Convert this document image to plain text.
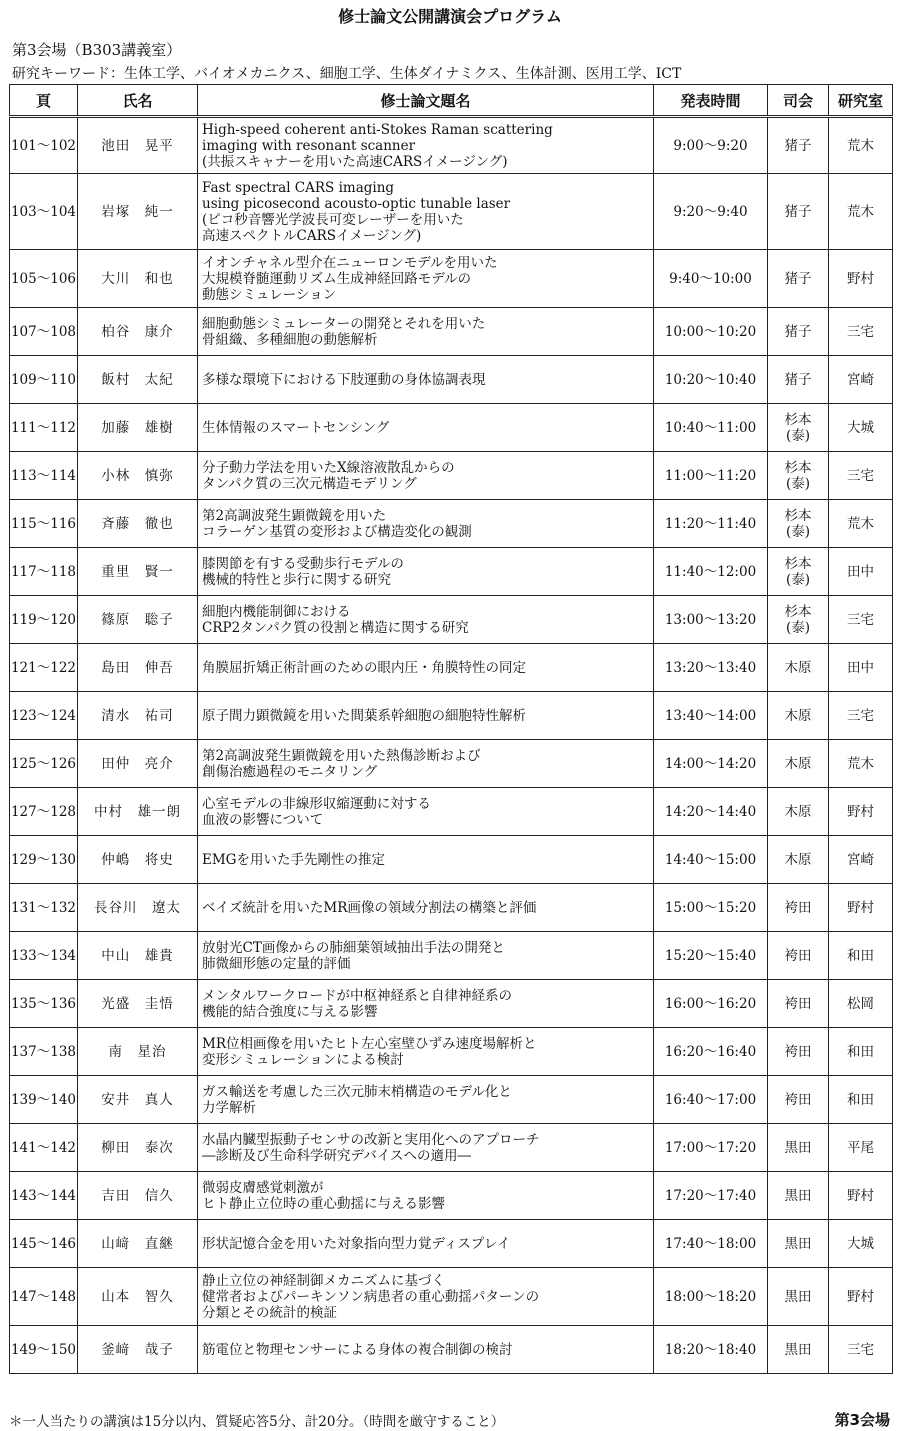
修士論文公開講演会プログラム
第3会場（B303講義室）
研究キーワード：生体工学、バイオメカニクス、細胞工学、生体ダイナミクス、生体計測、医用工学、ICT
頁	氏名	修士論文題名	発表時間	司会	研究室
101～102	池田　晃平	High-speed coherent anti-Stokes Raman scattering
imaging with resonant scanner
(共振スキャナーを用いた高速CARSイメージング)	9:00～9:20	猪子	荒木
103～104	岩塚　純一	Fast spectral CARS imaging
using picosecond acousto-optic tunable laser
(ピコ秒音響光学波長可変レーザーを用いた
高速スペクトルCARSイメージング)	9:20～9:40	猪子	荒木
105～106	大川　和也	イオンチャネル型介在ニューロンモデルを用いた
大規模脊髄運動リズム生成神経回路モデルの
動態シミュレーション	9:40～10:00	猪子	野村
107～108	柏谷　康介	細胞動態シミュレーターの開発とそれを用いた
骨組織、多種細胞の動態解析	10:00～10:20	猪子	三宅
109～110	飯村　太紀	多様な環境下における下肢運動の身体協調表現	10:20～10:40	猪子	宮崎
111～112	加藤　雄樹	生体情報のスマートセンシング	10:40～11:00	杉本
(泰)	大城
113～114	小林　慎弥	分子動力学法を用いたX線溶液散乱からの
タンパク質の三次元構造モデリング	11:00～11:20	杉本
(泰)	三宅
115～116	斉藤　徹也	第2高調波発生顕微鏡を用いた
コラーゲン基質の変形および構造変化の観測	11:20～11:40	杉本
(泰)	荒木
117～118	重里　賢一	膝関節を有する受動歩行モデルの
機械的特性と歩行に関する研究	11:40～12:00	杉本
(泰)	田中
119～120	篠原　聡子	細胞内機能制御における
CRP2タンパク質の役割と構造に関する研究	13:00～13:20	杉本
(泰)	三宅
121～122	島田　伸吾	角膜屈折矯正術計画のための眼内圧・角膜特性の同定	13:20～13:40	木原	田中
123～124	清水　祐司	原子間力顕微鏡を用いた間葉系幹細胞の細胞特性解析	13:40～14:00	木原	三宅
125～126	田仲　亮介	第2高調波発生顕微鏡を用いた熱傷診断および
創傷治癒過程のモニタリング	14:00～14:20	木原	荒木
127～128	中村　雄一朗	心室モデルの非線形収縮運動に対する
血液の影響について	14:20～14:40	木原	野村
129～130	仲嶋　将史	EMGを用いた手先剛性の推定	14:40～15:00	木原	宮崎
131～132	長谷川　遼太	ベイズ統計を用いたMR画像の領域分割法の構築と評価	15:00～15:20	袴田	野村
133～134	中山　雄貴	放射光CT画像からの肺細葉領域抽出手法の開発と
肺微細形態の定量的評価	15:20～15:40	袴田	和田
135～136	光盛　圭悟	メンタルワークロードが中枢神経系と自律神経系の
機能的結合強度に与える影響	16:00～16:20	袴田	松岡
137～138	南　星治	MR位相画像を用いたヒト左心室壁ひずみ速度場解析と
変形シミュレーションによる検討	16:20～16:40	袴田	和田
139～140	安井　真人	ガス輸送を考慮した三次元肺末梢構造のモデル化と
力学解析	16:40～17:00	袴田	和田
141～142	柳田　泰次	水晶内臓型振動子センサの改新と実用化へのアプローチ
―診断及び生命科学研究デバイスへの適用―	17:00～17:20	黒田	平尾
143～144	吉田　信久	微弱皮膚感覚刺激が
ヒト静止立位時の重心動揺に与える影響	17:20～17:40	黒田	野村
145～146	山﨑　直継	形状記憶合金を用いた対象指向型力覚ディスプレイ	17:40～18:00	黒田	大城
147～148	山本　智久	静止立位の神経制御メカニズムに基づく
健常者およびパーキンソン病患者の重心動揺パターンの
分類とその統計的検証	18:00～18:20	黒田	野村
149～150	釜﨑　哉子	筋電位と物理センサーによる身体の複合制御の検討	18:20～18:40	黒田	三宅
＊一人当たりの講演は15分以内、質疑応答5分、計20分。（時間を厳守すること）	第3会場
